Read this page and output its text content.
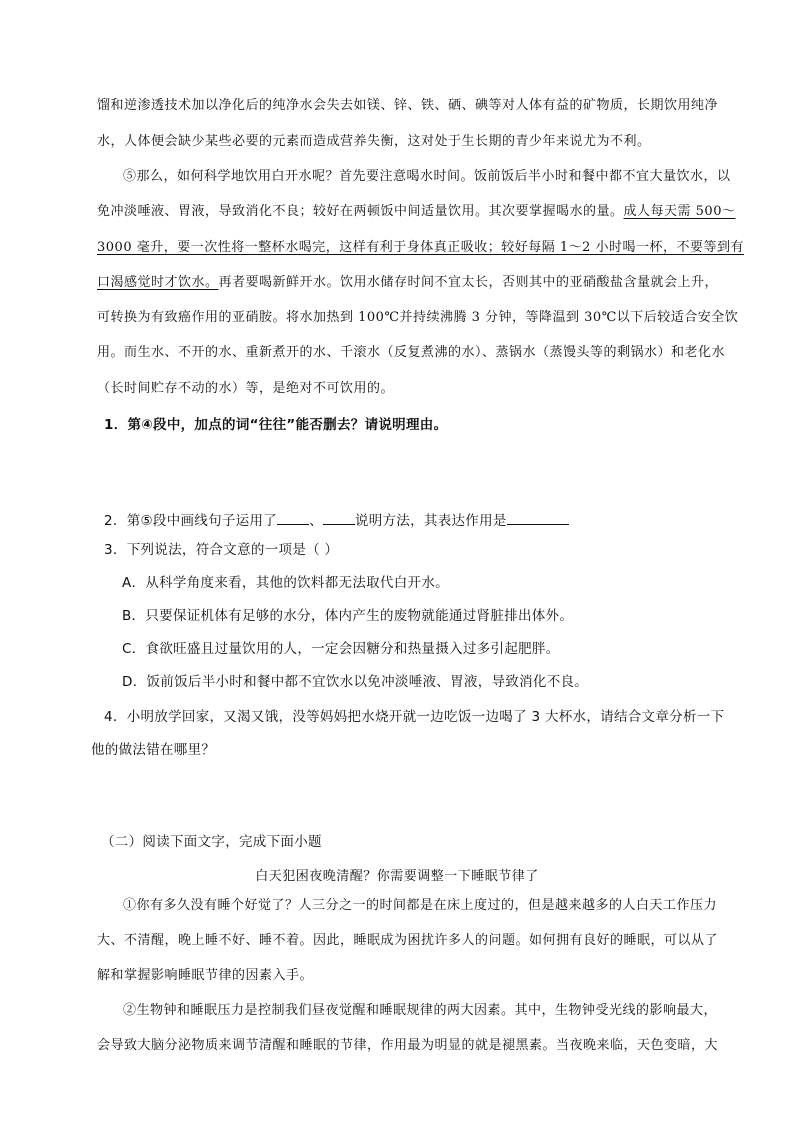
馏和逆渗透技术加以净化后的纯净水会失去如镁、锌、铁、硒、碘等对人体有益的矿物质，长期饮用纯净
水，人体便会缺少某些必要的元素而造成营养失衡，这对处于生长期的青少年来说尤为不利。
⑤那么，如何科学地饮用白开水呢？首先要注意喝水时间。饭前饭后半小时和餐中都不宜大量饮水，以
免冲淡唾液、胃液，导致消化不良；较好在两顿饭中间适量饮用。其次要掌握喝水的量。成人每天需 500～
3000 毫升，要一次性将一整杯水喝完，这样有利于身体真正吸收；较好每隔 1～2 小时喝一杯，不要等到有
口渴感觉时才饮水。再者要喝新鲜开水。饮用水储存时间不宜太长，否则其中的亚硝酸盐含量就会上升，
可转换为有致癌作用的亚硝胺。将水加热到 100℃并持续沸腾 3 分钟，等降温到 30℃以下后较适合安全饮
用。而生水、不开的水、重新煮开的水、千滚水（反复煮沸的水）、蒸锅水（蒸馒头等的剩锅水）和老化水
（长时间贮存不动的水）等，是绝对不可饮用的。
1．第④段中，加点的词“往往”能否删去？请说明理由。
2．第⑤段中画线句子运用了 、 说明方法，其表达作用是
3．下列说法，符合文意的一项是（ ）
A．从科学角度来看，其他的饮料都无法取代白开水。
B．只要保证机体有足够的水分，体内产生的废物就能通过肾脏排出体外。
C．食欲旺盛且过量饮用的人，一定会因糖分和热量摄入过多引起肥胖。
D．饭前饭后半小时和餐中都不宜饮水以免冲淡唾液、胃液，导致消化不良。
4．小明放学回家，又渴又饿，没等妈妈把水烧开就一边吃饭一边喝了 3 大杯水，请结合文章分析一下
他的做法错在哪里？
（二）阅读下面文字，完成下面小题
白天犯困夜晚清醒？你需要调整一下睡眠节律了
①你有多久没有睡个好觉了？人三分之一的时间都是在床上度过的，但是越来越多的人白天工作压力
大、不清醒，晚上睡不好、睡不着。因此，睡眠成为困扰许多人的问题。如何拥有良好的睡眠，可以从了
解和掌握影响睡眠节律的因素入手。
②生物钟和睡眠压力是控制我们昼夜觉醒和睡眠规律的两大因素。其中，生物钟受光线的影响最大，
会导致大脑分泌物质来调节清醒和睡眠的节律，作用最为明显的就是褪黑素。当夜晚来临，天色变暗，大
